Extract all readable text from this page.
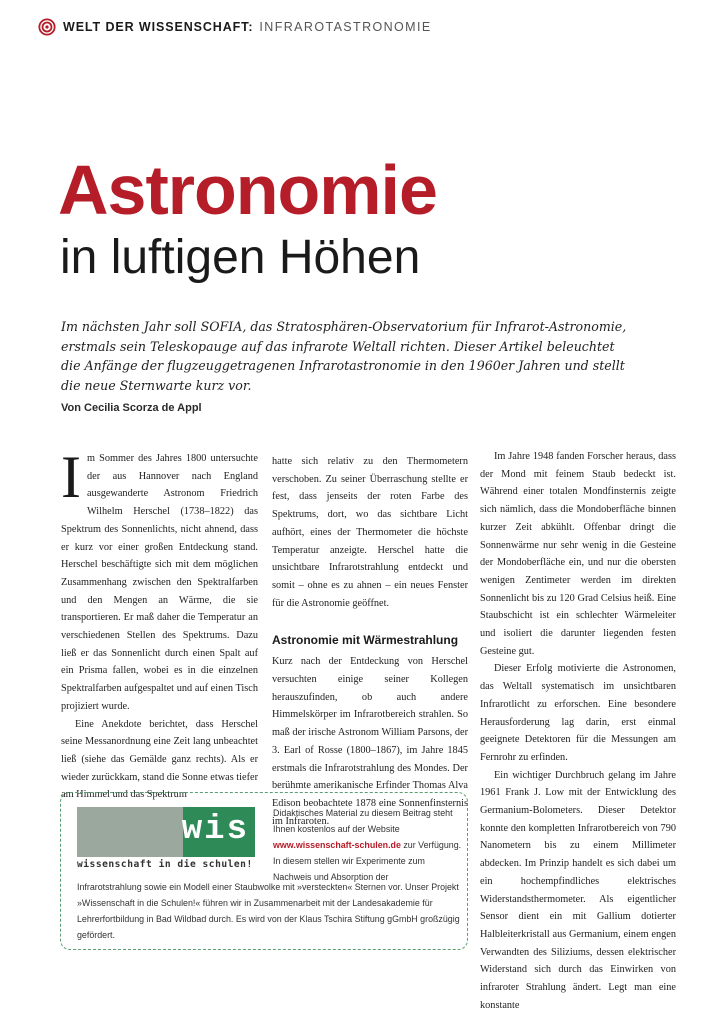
WELT DER WISSENSCHAFT: INFRAROTASTRONOMIE
Astronomie
in luftigen Höhen
Im nächsten Jahr soll SOFIA, das Stratosphären-Observatorium für Infrarot-Astronomie,
erstmals sein Teleskopauge auf das infrarote Weltall richten. Dieser Artikel beleuchtet
die Anfänge der flugzeuggetragenen Infrarotastronomie in den 1960er Jahren und stellt
die neue Sternwarte kurz vor.
Von Cecilia Scorza de Appl
I m Sommer des Jahres 1800 untersuchte der aus Hannover nach England ausgewanderte Astronom Friedrich Wilhelm Herschel (1738–1822) das Spektrum des Sonnenlichts, nicht ahnend, dass er kurz vor einer großen Entdeckung stand. Herschel beschäftigte sich mit dem möglichen Zusammenhang zwischen den Spektralfarben und den Mengen an Wärme, die sie transportieren. Er maß daher die Temperatur an verschiedenen Stellen des Spektrums. Dazu ließ er das Sonnenlicht durch einen Spalt auf ein Prisma fallen, wobei es in die einzelnen Spektralfarben aufgespaltet und auf einen Tisch projiziert wurde.

Eine Anekdote berichtet, dass Herschel seine Messanordnung eine Zeit lang unbeachtet ließ (siehe das Gemälde ganz rechts). Als er wieder zurückkam, stand die Sonne etwas tiefer am Himmel und das Spektrum

hatte sich relativ zu den Thermometern verschoben. Zu seiner Überraschung stellte er fest, dass jenseits der roten Farbe des Spektrums, dort, wo das sichtbare Licht aufhört, eines der Thermometer die höchste Temperatur anzeigte. Herschel hatte die unsichtbare Infrarotstrahlung entdeckt und somit – ohne es zu ahnen – ein neues Fenster für die Astronomie geöffnet.

Astronomie mit Wärmestrahlung

Kurz nach der Entdeckung von Herschel versuchten einige seiner Kollegen herauszufinden, ob auch andere Himmelskörper im Infrarotbereich strahlen. So maß der irische Astronom William Parsons, der 3. Earl of Rosse (1800–1867), im Jahre 1845 erstmals die Infrarotstrahlung des Mondes. Der berühmte amerikanische Erfinder Thomas Alva Edison beobachtete 1878 eine Sonnenfinsternis im Infraroten.

Im Jahre 1948 fanden Forscher heraus, dass der Mond mit feinem Staub bedeckt ist. Während einer totalen Mondfinsternis zeigte sich nämlich, dass die Mondoberfläche binnen kurzer Zeit abkühlt. Offenbar dringt die Sonnenwärme nur sehr wenig in die Gesteine der Mondoberfläche ein, und nur die obersten wenigen Zentimeter werden im direkten Sonnenlicht bis zu 120 Grad Celsius heiß. Eine Staubschicht ist ein schlechter Wärmeleiter und isoliert die darunter liegenden festen Gesteine gut.

Dieser Erfolg motivierte die Astronomen, das Weltall systematisch im unsichtbaren Infrarotlicht zu erforschen. Eine besondere Herausforderung lag darin, erst einmal geeignete Detektoren für die Messungen am Fernrohr zu erfinden.

Ein wichtiger Durchbruch gelang im Jahre 1961 Frank J. Low mit der Entwicklung des Germanium-Bolometers. Dieser Detektor konnte den kompletten Infrarotbereich von 790 Nanometern bis zu einem Millimeter abdecken. Im Prinzip handelt es sich dabei um ein hochempfindliches elektrisches Widerstandsthermometer. Als eigentlicher Sensor dient ein mit Gallium dotierter Halbleiterkristall aus Germanium, einem engen Verwandten des Siliziums, dessen elektrischer Widerstand sich durch das Einwirken von infraroter Strahlung ändert. Legt man eine konstante

wis
wissenschaft in die schulen!
Didaktisches Material zu diesem Beitrag steht Ihnen kostenlos auf der Website www.wissenschaft-schulen.de zur Verfügung. In diesem stellen wir Experimente zum Nachweis und Absorption der
Infrarotstrahlung sowie ein Modell einer Staubwolke mit »versteckten« Sternen vor. Unser Projekt »Wissenschaft in die Schulen!« führen wir in Zusammenarbeit mit der Landesakademie für Lehrerfortbildung in Bad Wildbad durch. Es wird von der Klaus Tschira Stiftung gGmbH großzügig gefördert.
